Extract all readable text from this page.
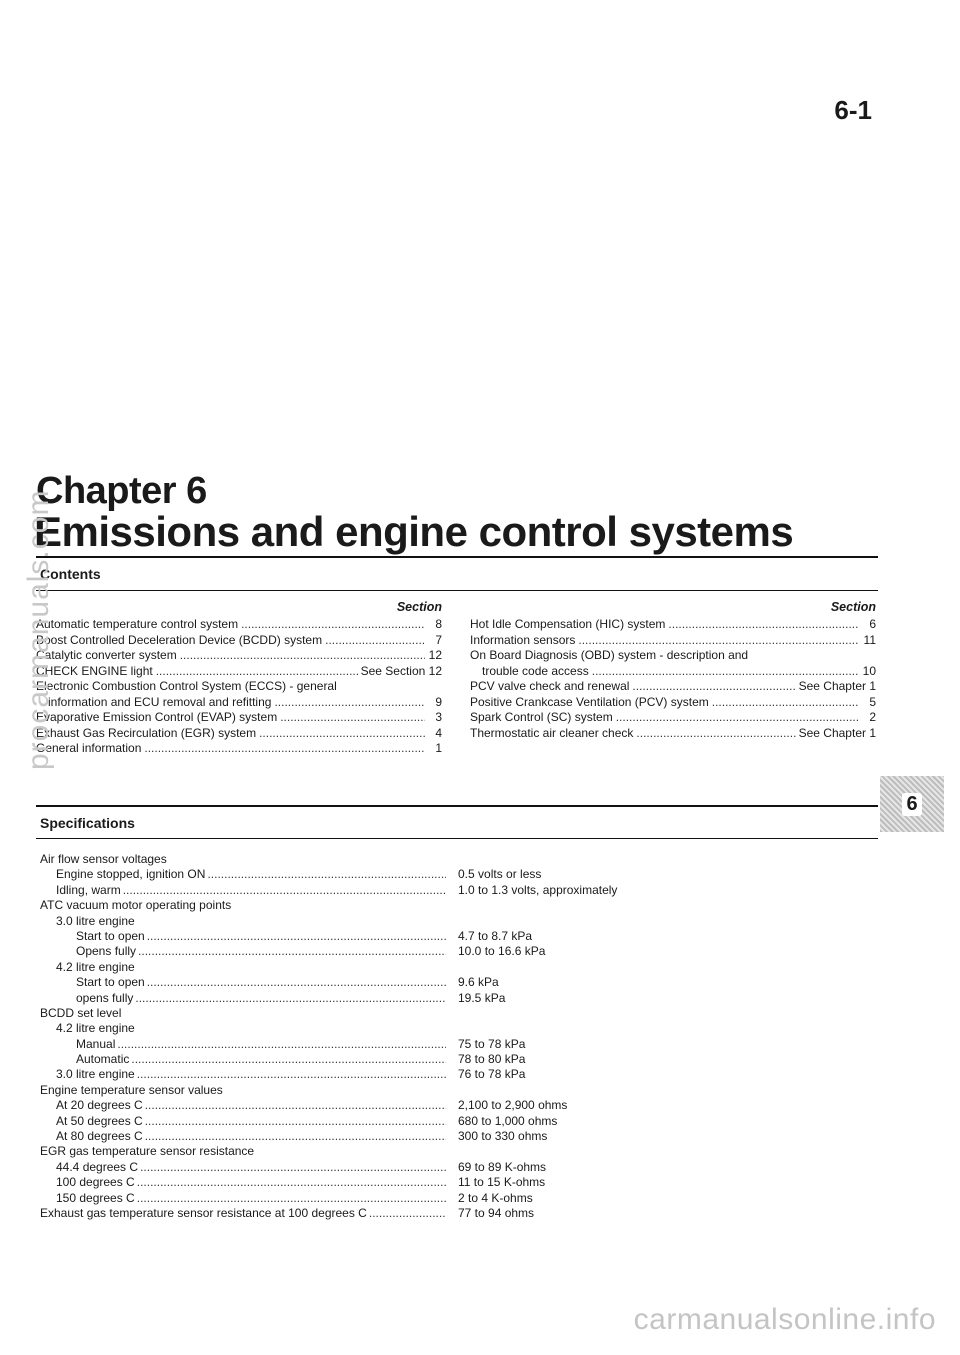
6-1
Chapter 6
Emissions and engine control systems
Contents
Section
Automatic temperature control system .....	8
Boost Controlled Deceleration Device (BCDD) system .....	7
Catalytic converter system .....	12
CHECK ENGINE light .....	See Section 12
Electronic Combustion Control System (ECCS) - general
information and ECU removal and refitting .....	9
Evaporative Emission Control (EVAP) system .....	3
Exhaust Gas Recirculation (EGR) system .....	4
General information .....	1
Section
Hot Idle Compensation (HIC) system .....	6
Information sensors .....	11
On Board Diagnosis (OBD) system - description and
trouble code access .....	10
PCV valve check and renewal .....	See Chapter 1
Positive Crankcase Ventilation (PCV) system .....	5
Spark Control (SC) system .....	2
Thermostatic air cleaner check .....	See Chapter 1
Specifications
6
Air flow sensor voltages
Engine stopped, ignition ON .....	0.5 volts or less
Idling, warm .....	1.0 to 1.3 volts, approximately
ATC vacuum motor operating points
3.0 litre engine
Start to open .....	4.7 to 8.7 kPa
Opens fully .....	10.0 to 16.6 kPa
4.2 litre engine
Start to open .....	9.6 kPa
opens fully .....	19.5 kPa
BCDD set level
4.2 litre engine
Manual .....	75 to 78 kPa
Automatic .....	78 to 80 kPa
3.0 litre engine .....	76 to 78 kPa
Engine temperature sensor values
At 20 degrees C .....	2,100 to 2,900 ohms
At 50 degrees C .....	680 to 1,000 ohms
At 80 degrees C .....	300 to 330 ohms
EGR gas temperature sensor resistance
44.4 degrees C .....	69 to 89 K-ohms
100 degrees C .....	11 to 15 K-ohms
150 degrees C .....	2 to 4 K-ohms
Exhaust gas temperature sensor resistance at 100 degrees C .....	77 to 94 ohms
procarmanuals.com
carmanualsonline.info
